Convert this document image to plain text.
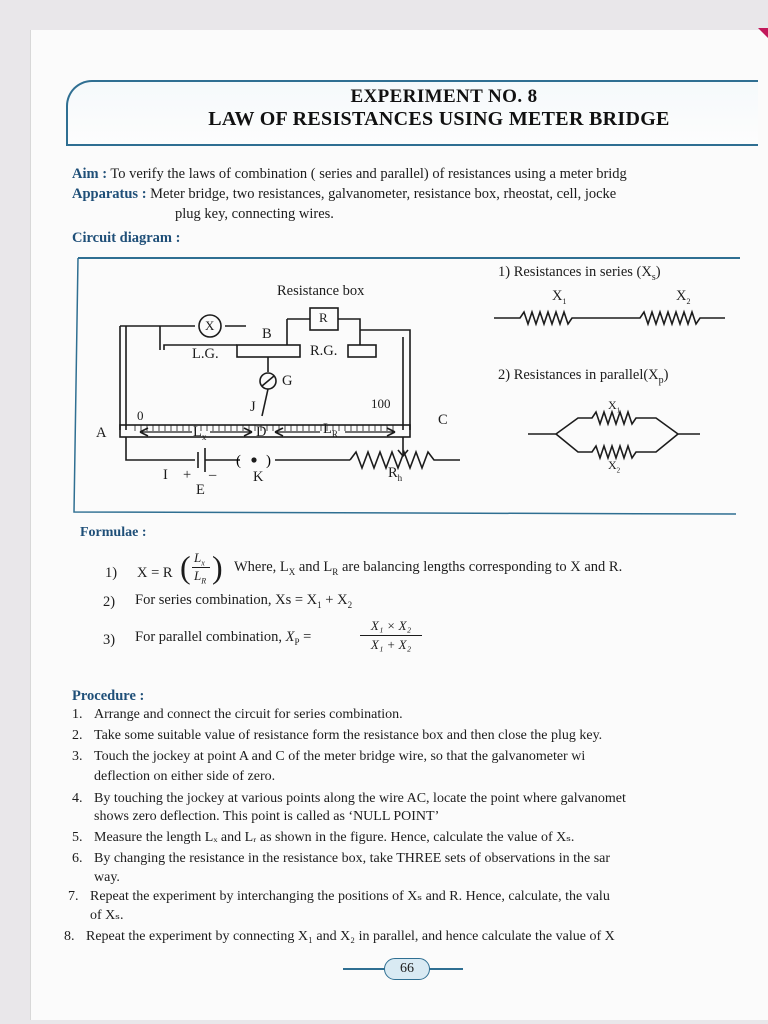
EXPERIMENT NO. 8
LAW OF RESISTANCES USING METER BRIDGE
Aim : To verify the laws of combination ( series and parallel) of resistances using a meter bridg
Apparatus : Meter bridge, two resistances, galvanometer, resistance box, rheostat, cell, jocke
plug key, connecting wires.
Circuit diagram :
( )
Resistance box
R
X
B
L.G.	R.G.
G
J
0
100
A
C
$L_x$	D	$L_R$
I + –
E
K	$R_h$
1) Resistances in series $(X_s)$
$X_1$	$X_2$
2) Resistances in $parallel(X_p)$
$X_1$
$X_2$
Formulae :
1) X = R ( $L_x$
$L_R$ ) Where, $L_X$ and $L_R$ are balancing lengths corresponding to X and R.
2) For series combination, $Xs = X_1 + X_2$
3) For parallel combination, $X_P$ =
X₁ × X₂
X₁ + X₂
Procedure :
1. Arrange and connect the circuit for series combination.
2. Take some suitable value of resistance form the resistance box and then close the plug key.
3. Touch the jockey at point A and C of the meter bridge wire, so that the galvanometer wi
deflection on either side of zero.
4. By touching the jockey at various points along the wire AC, locate the point where galvanomet
shows zero deflection. This point is called as ‘NULL POINT’
5. Measure the length Lₓ and Lᵣ as shown in the figure. Hence, calculate the value of Xₛ.
6. By changing the resistance in the resistance box, take THREE sets of observations in the sar
way.
7. Repeat the experiment by interchanging the positions of Xₛ and R. Hence, calculate, the valu
of Xₛ.
8. Repeat the experiment by connecting X₁ and X₂ in parallel, and hence calculate the value of X
66
